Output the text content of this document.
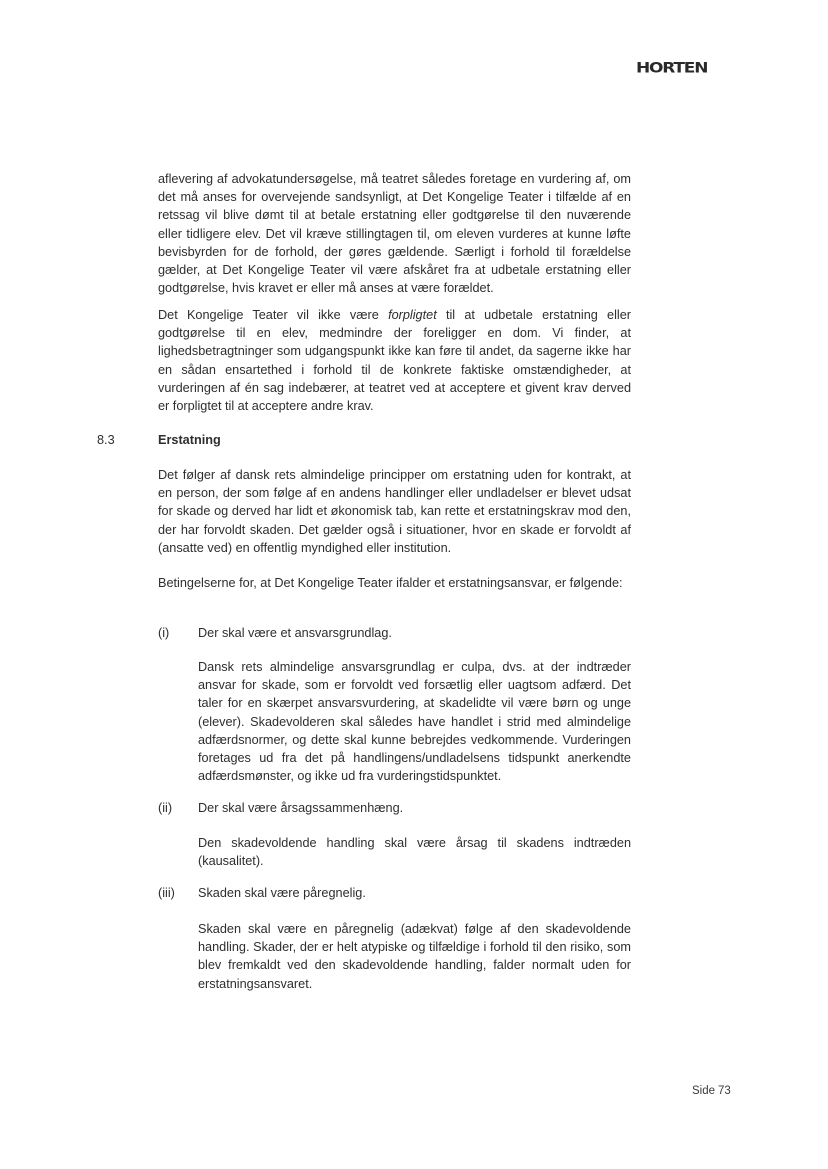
HORTEN

aflevering af advokatundersøgelse, må teatret således foretage en vurdering af, om det må anses for overvejende sandsynligt, at Det Kongelige Teater i tilfælde af en retssag vil blive dømt til at betale erstatning eller godtgørelse til den nuværende eller tidligere elev. Det vil kræve stillingtagen til, om eleven vurderes at kunne løfte bevisbyrden for de forhold, der gøres gældende. Særligt i forhold til forældelse gælder, at Det Kongelige Teater vil være afskåret fra at udbetale erstatning eller godtgørelse, hvis kravet er eller må anses at være forældet.

Det Kongelige Teater vil ikke være forpligtet til at udbetale erstatning eller godtgørelse til en elev, medmindre der foreligger en dom. Vi finder, at lighedsbetragtninger som udgangspunkt ikke kan føre til andet, da sagerne ikke har en sådan ensartethed i forhold til de konkrete faktiske omstændigheder, at vurderingen af én sag indebærer, at teatret ved at acceptere et givent krav derved er forpligtet til at acceptere andre krav.

8.3	Erstatning

Det følger af dansk rets almindelige principper om erstatning uden for kontrakt, at en person, der som følge af en andens handlinger eller undladelser er blevet udsat for skade og derved har lidt et økonomisk tab, kan rette et erstatningskrav mod den, der har forvoldt skaden. Det gælder også i situationer, hvor en skade er forvoldt af (ansatte ved) en offentlig myndighed eller institution.

Betingelserne for, at Det Kongelige Teater ifalder et erstatningsansvar, er følgende:

(i) Der skal være et ansvarsgrundlag.

Dansk rets almindelige ansvarsgrundlag er culpa, dvs. at der indtræder ansvar for skade, som er forvoldt ved forsætlig eller uagtsom adfærd. Det taler for en skærpet ansvarsvurdering, at skadelidte vil være børn og unge (elever). Skadevolderen skal således have handlet i strid med almindelige adfærdsnormer, og dette skal kunne bebrejdes vedkommende. Vurderingen foretages ud fra det på handlingens/undladelsens tidspunkt anerkendte adfærdsmønster, og ikke ud fra vurderingstidspunktet.

(ii) Der skal være årsagssammenhæng.

Den skadevoldende handling skal være årsag til skadens indtræden (kausalitet).

(iii) Skaden skal være påregnelig.

Skaden skal være en påregnelig (adækvat) følge af den skadevoldende handling. Skader, der er helt atypiske og tilfældige i forhold til den risiko, som blev fremkaldt ved den skadevoldende handling, falder normalt uden for erstatningsansvaret.

Side 73
